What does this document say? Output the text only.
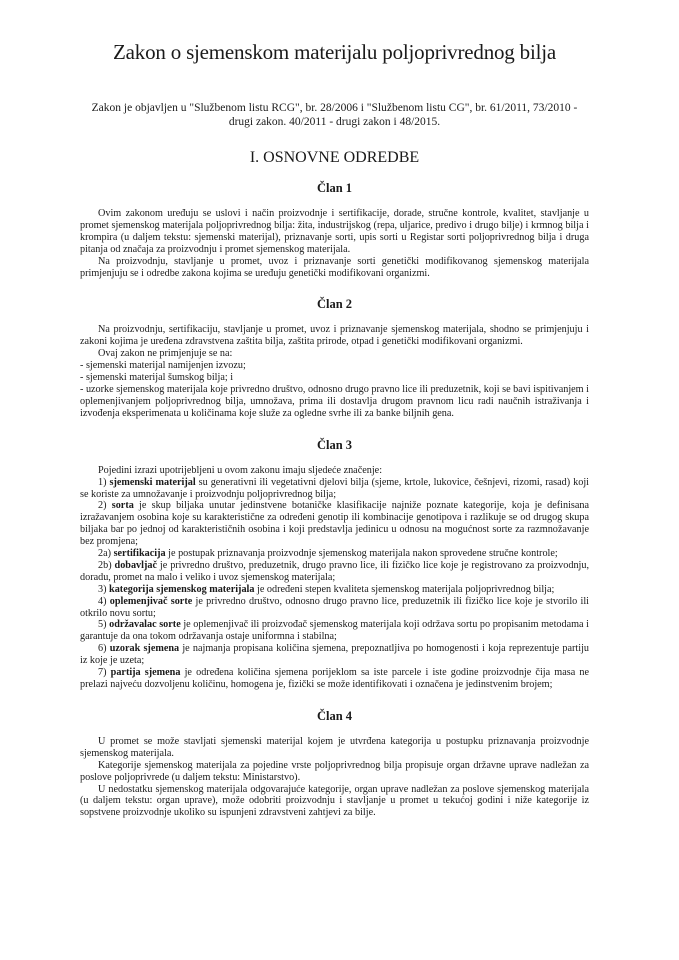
Zakon o sjemenskom materijalu poljoprivrednog bilja

Zakon je objavljen u "Službenom listu RCG", br. 28/2006 i "Službenom listu CG", br. 61/2011, 73/2010 - drugi zakon. 40/2011 - drugi zakon i 48/2015.

I. OSNOVNE ODREDBE
Član 1

Ovim zakonom uređuju se uslovi i način proizvodnje i sertifikacije, dorade, stručne kontrole, kvalitet, stavljanje u promet sjemenskog materijala poljoprivrednog bilja: žita, industrijskog (repa, uljarice, predivo i drugo bilje) i krmnog bilja i krompira (u daljem tekstu: sjemenski materijal), priznavanje sorti, upis sorti u Registar sorti poljoprivrednog bilja i druga pitanja od značaja za proizvodnju i promet sjemenskog materijala.

Na proizvodnju, stavljanje u promet, uvoz i priznavanje sorti genetički modifikovanog sjemenskog materijala primjenjuju se i odredbe zakona kojima se uređuju genetički modifikovani organizmi.

Član 2

Na proizvodnju, sertifikaciju, stavljanje u promet, uvoz i priznavanje sjemenskog materijala, shodno se primjenjuju i zakoni kojima je uređena zdravstvena zaštita bilja, zaštita prirode, otpad i genetički modifikovani organizmi.

Ovaj zakon ne primjenjuje se na:

- sjemenski materijal namijenjen izvozu;

- sjemenski materijal šumskog bilja; i

- uzorke sjemenskog materijala koje privredno društvo, odnosno drugo pravno lice ili preduzetnik, koji se bavi ispitivanjem i oplemenjivanjem poljoprivrednog bilja, umnožava, prima ili dostavlja drugom pravnom licu radi naučnih istraživanja i izvođenja eksperimenata u količinama koje služe za ogledne svrhe ili za banke biljnih gena.

Član 3

Pojedini izrazi upotrijebljeni u ovom zakonu imaju sljedeće značenje:

1) sjemenski materijal su generativni ili vegetativni djelovi bilja (sjeme, krtole, lukovice, češnjevi, rizomi, rasad) koji se koriste za umnožavanje i proizvodnju poljoprivrednog bilja;

2) sorta je skup biljaka unutar jedinstvene botaničke klasifikacije najniže poznate kategorije, koja je definisana izražavanjem osobina koje su karakteristične za određeni genotip ili kombinacije genotipova i razlikuje se od drugog skupa biljaka bar po jednoj od karakterističnih osobina i koji predstavlja jedinicu u odnosu na mogućnost sorte za razmnožavanje bez promjena;

2a) sertifikacija je postupak priznavanja proizvodnje sjemenskog materijala nakon sprovedene stručne kontrole;

2b) dobavljač je privredno društvo, preduzetnik, drugo pravno lice, ili fizičko lice koje je registrovano za proizvodnju, doradu, promet na malo i veliko i uvoz sjemenskog materijala;

3) kategorija sjemenskog materijala je određeni stepen kvaliteta sjemenskog materijala poljoprivrednog bilja;

4) oplemenjivač sorte je privredno društvo, odnosno drugo pravno lice, preduzetnik ili fizičko lice koje je stvorilo ili otkrilo novu sortu;

5) održavalac sorte je oplemenjivač ili proizvođač sjemenskog materijala koji održava sortu po propisanim metodama i garantuje da ona tokom održavanja ostaje uniformna i stabilna;

6) uzorak sjemena je najmanja propisana količina sjemena, prepoznatljiva po homogenosti i koja reprezentuje partiju iz koje je uzeta;

7) partija sjemena je određena količina sjemena porijeklom sa iste parcele i iste godine proizvodnje čija masa ne prelazi najveću dozvoljenu količinu, homogena je, fizički se može identifikovati i označena je jedinstvenim brojem;

Član 4

U promet se može stavljati sjemenski materijal kojem je utvrđena kategorija u postupku priznavanja proizvodnje sjemenskog materijala.

Kategorije sjemenskog materijala za pojedine vrste poljoprivrednog bilja propisuje organ državne uprave nadležan za poslove poljoprivrede (u daljem tekstu: Ministarstvo).

U nedostatku sjemenskog materijala odgovarajuće kategorije, organ uprave nadležan za poslove sjemenskog materijala (u daljem tekstu: organ uprave), može odobriti proizvodnju i stavljanje u promet u tekućoj godini i niže kategorije iz sopstvene proizvodnje ukoliko su ispunjeni zdravstveni zahtjevi za bilje.
